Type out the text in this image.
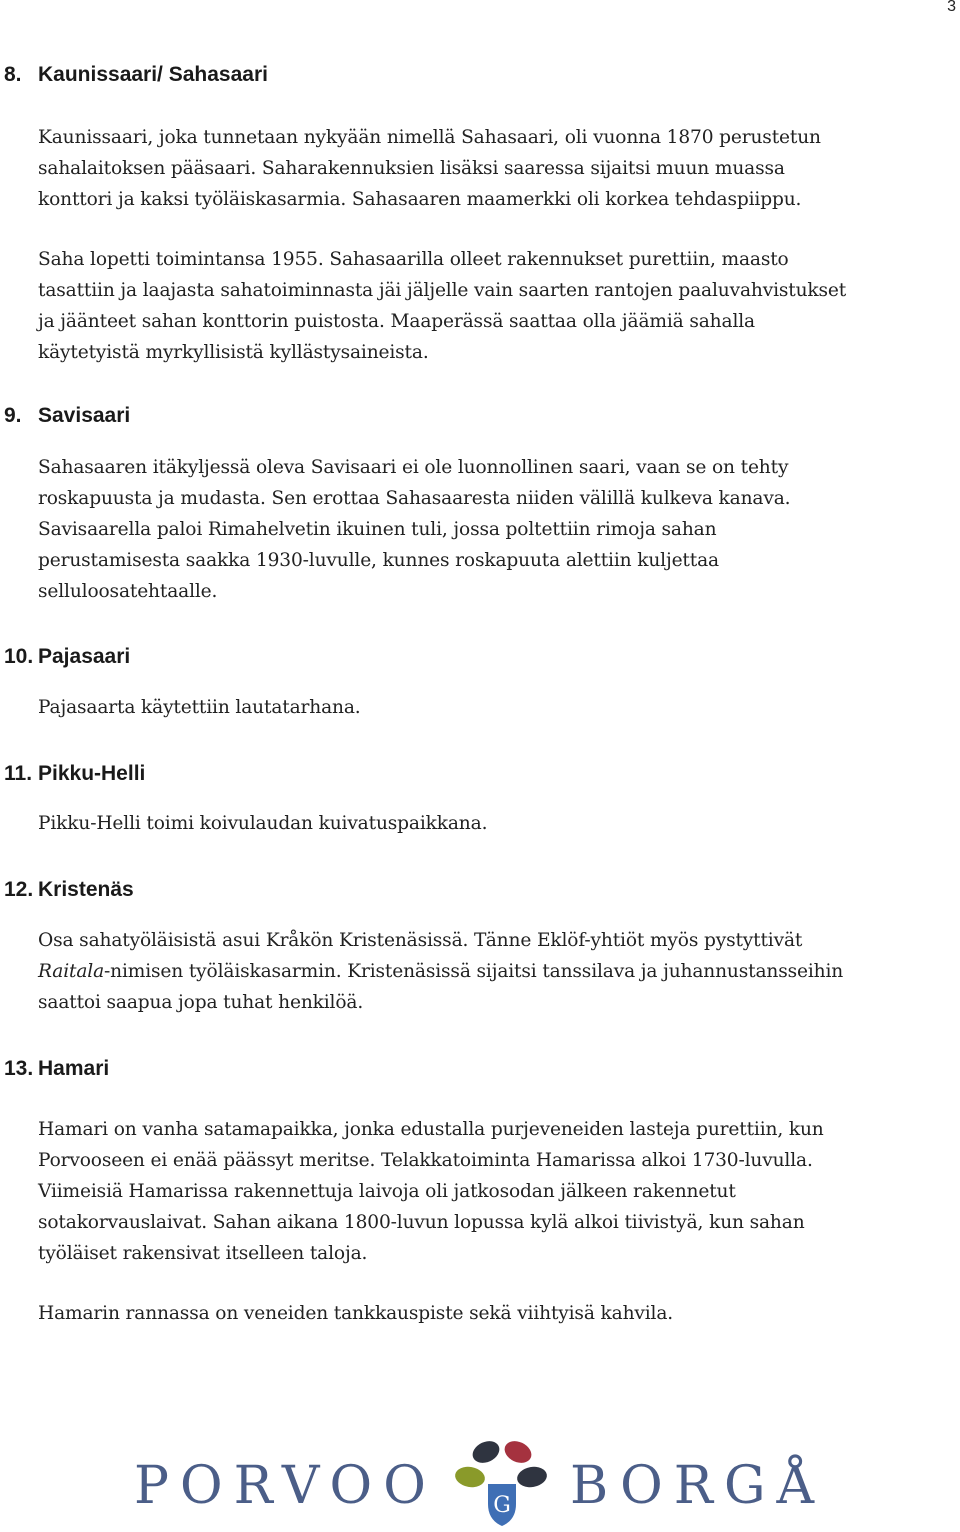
3
8. Kaunissaari/ Sahasaari
Kaunissaari, joka tunnetaan nykyään nimellä Sahasaari, oli vuonna 1870 perustetun
sahalaitoksen pääsaari. Saharakennuksien lisäksi saaressa sijaitsi muun muassa
konttori ja kaksi työläiskasarmia. Sahasaaren maamerkki oli korkea tehdaspiippu.
Saha lopetti toimintansa 1955. Sahasaarilla olleet rakennukset purettiin, maasto
tasattiin ja laajasta sahatoiminnasta jäi jäljelle vain saarten rantojen paaluvahvistukset
ja jäänteet sahan konttorin puistosta. Maaperässä saattaa olla jäämiä sahalla
käytetyistä myrkyllisistä kyllästysaineista.
9. Savisaari
Sahasaaren itäkyljessä oleva Savisaari ei ole luonnollinen saari, vaan se on tehty
roskapuusta ja mudasta. Sen erottaa Sahasaaresta niiden välillä kulkeva kanava.
Savisaarella paloi Rimahelvetin ikuinen tuli, jossa poltettiin rimoja sahan
perustamisesta saakka 1930-luvulle, kunnes roskapuuta alettiin kuljettaa
selluloosatehtaalle.
10. Pajasaari
Pajasaarta käytettiin lautatarhana.
11. Pikku-Helli
Pikku-Helli toimi koivulaudan kuivatuspaikkana.
12. Kristenäs
Osa sahatyöläisistä asui Kråkön Kristenäsissä. Tänne Eklöf-yhtiöt myös pystyttivät
Raitala-nimisen työläiskasarmin. Kristenäsissä sijaitsi tanssilava ja juhannustansseihin
saattoi saapua jopa tuhat henkilöä.
13. Hamari
Hamari on vanha satamapaikka, jonka edustalla purjeveneiden lasteja purettiin, kun
Porvooseen ei enää päässyt meritse. Telakkatoiminta Hamarissa alkoi 1730-luvulla.
Viimeisiä Hamarissa rakennettuja laivoja oli jatkosodan jälkeen rakennetut
sotakorvauslaivat. Sahan aikana 1800-luvun lopussa kylä alkoi tiivistyä, kun sahan
työläiset rakensivat itselleen taloja.
Hamarin rannassa on veneiden tankkauspiste sekä viihtyisä kahvila.
PORVOO	BORGÅ
G
